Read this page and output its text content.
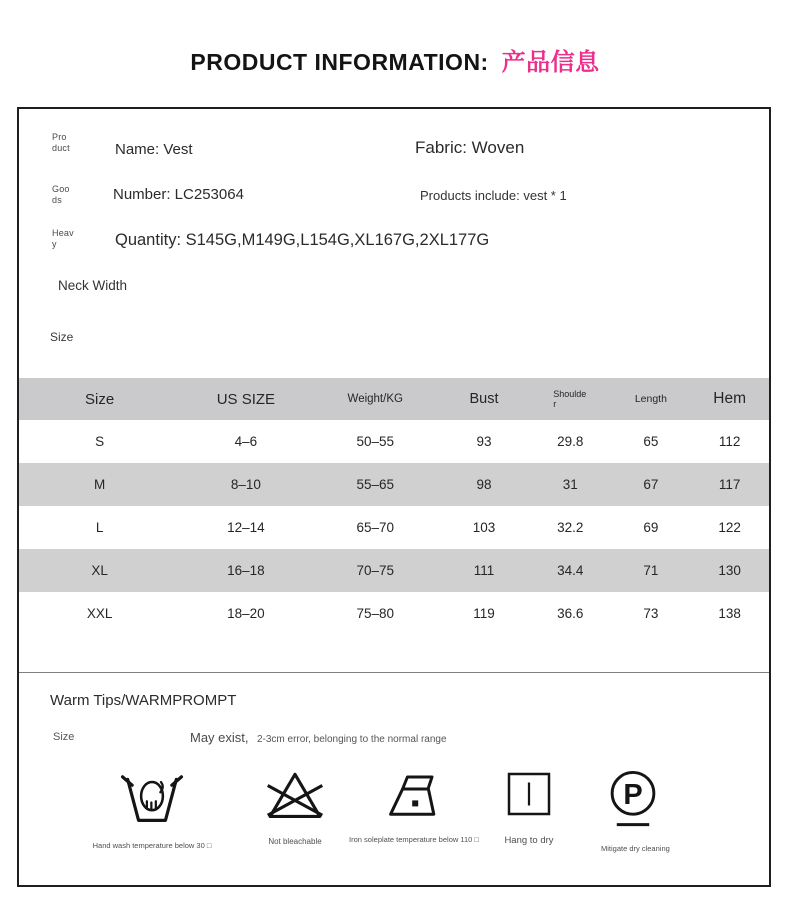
PRODUCT INFORMATION: 产品信息
Pro
duct	Name: Vest	Fabric: Woven
Goo
ds	Number: LC253064	Products include: vest * 1
Heav
y	Quantity: S145G,M149G,L154G,XL167G,2XL177G
Neck Width
Size
Size	US SIZE	Weight/KG	Bust	Shoulder	Length	Hem
S	4–6	50–55	93	29.8	65	112
M	8–10	55–65	98	31	67	117
L	12–14	65–70	103	32.2	69	122
XL	16–18	70–75	111	34.4	71	130
XXL	18–20	75–80	119	36.6	73	138
Warm Tips/WARMPROMPT
Size	May exist, 2-3cm error, belonging to the normal range
Hand wash temperature below 30 □	Not bleachable	Iron soleplate temperature below 110 □	Hang to dry
P
Mitigate dry cleaning
